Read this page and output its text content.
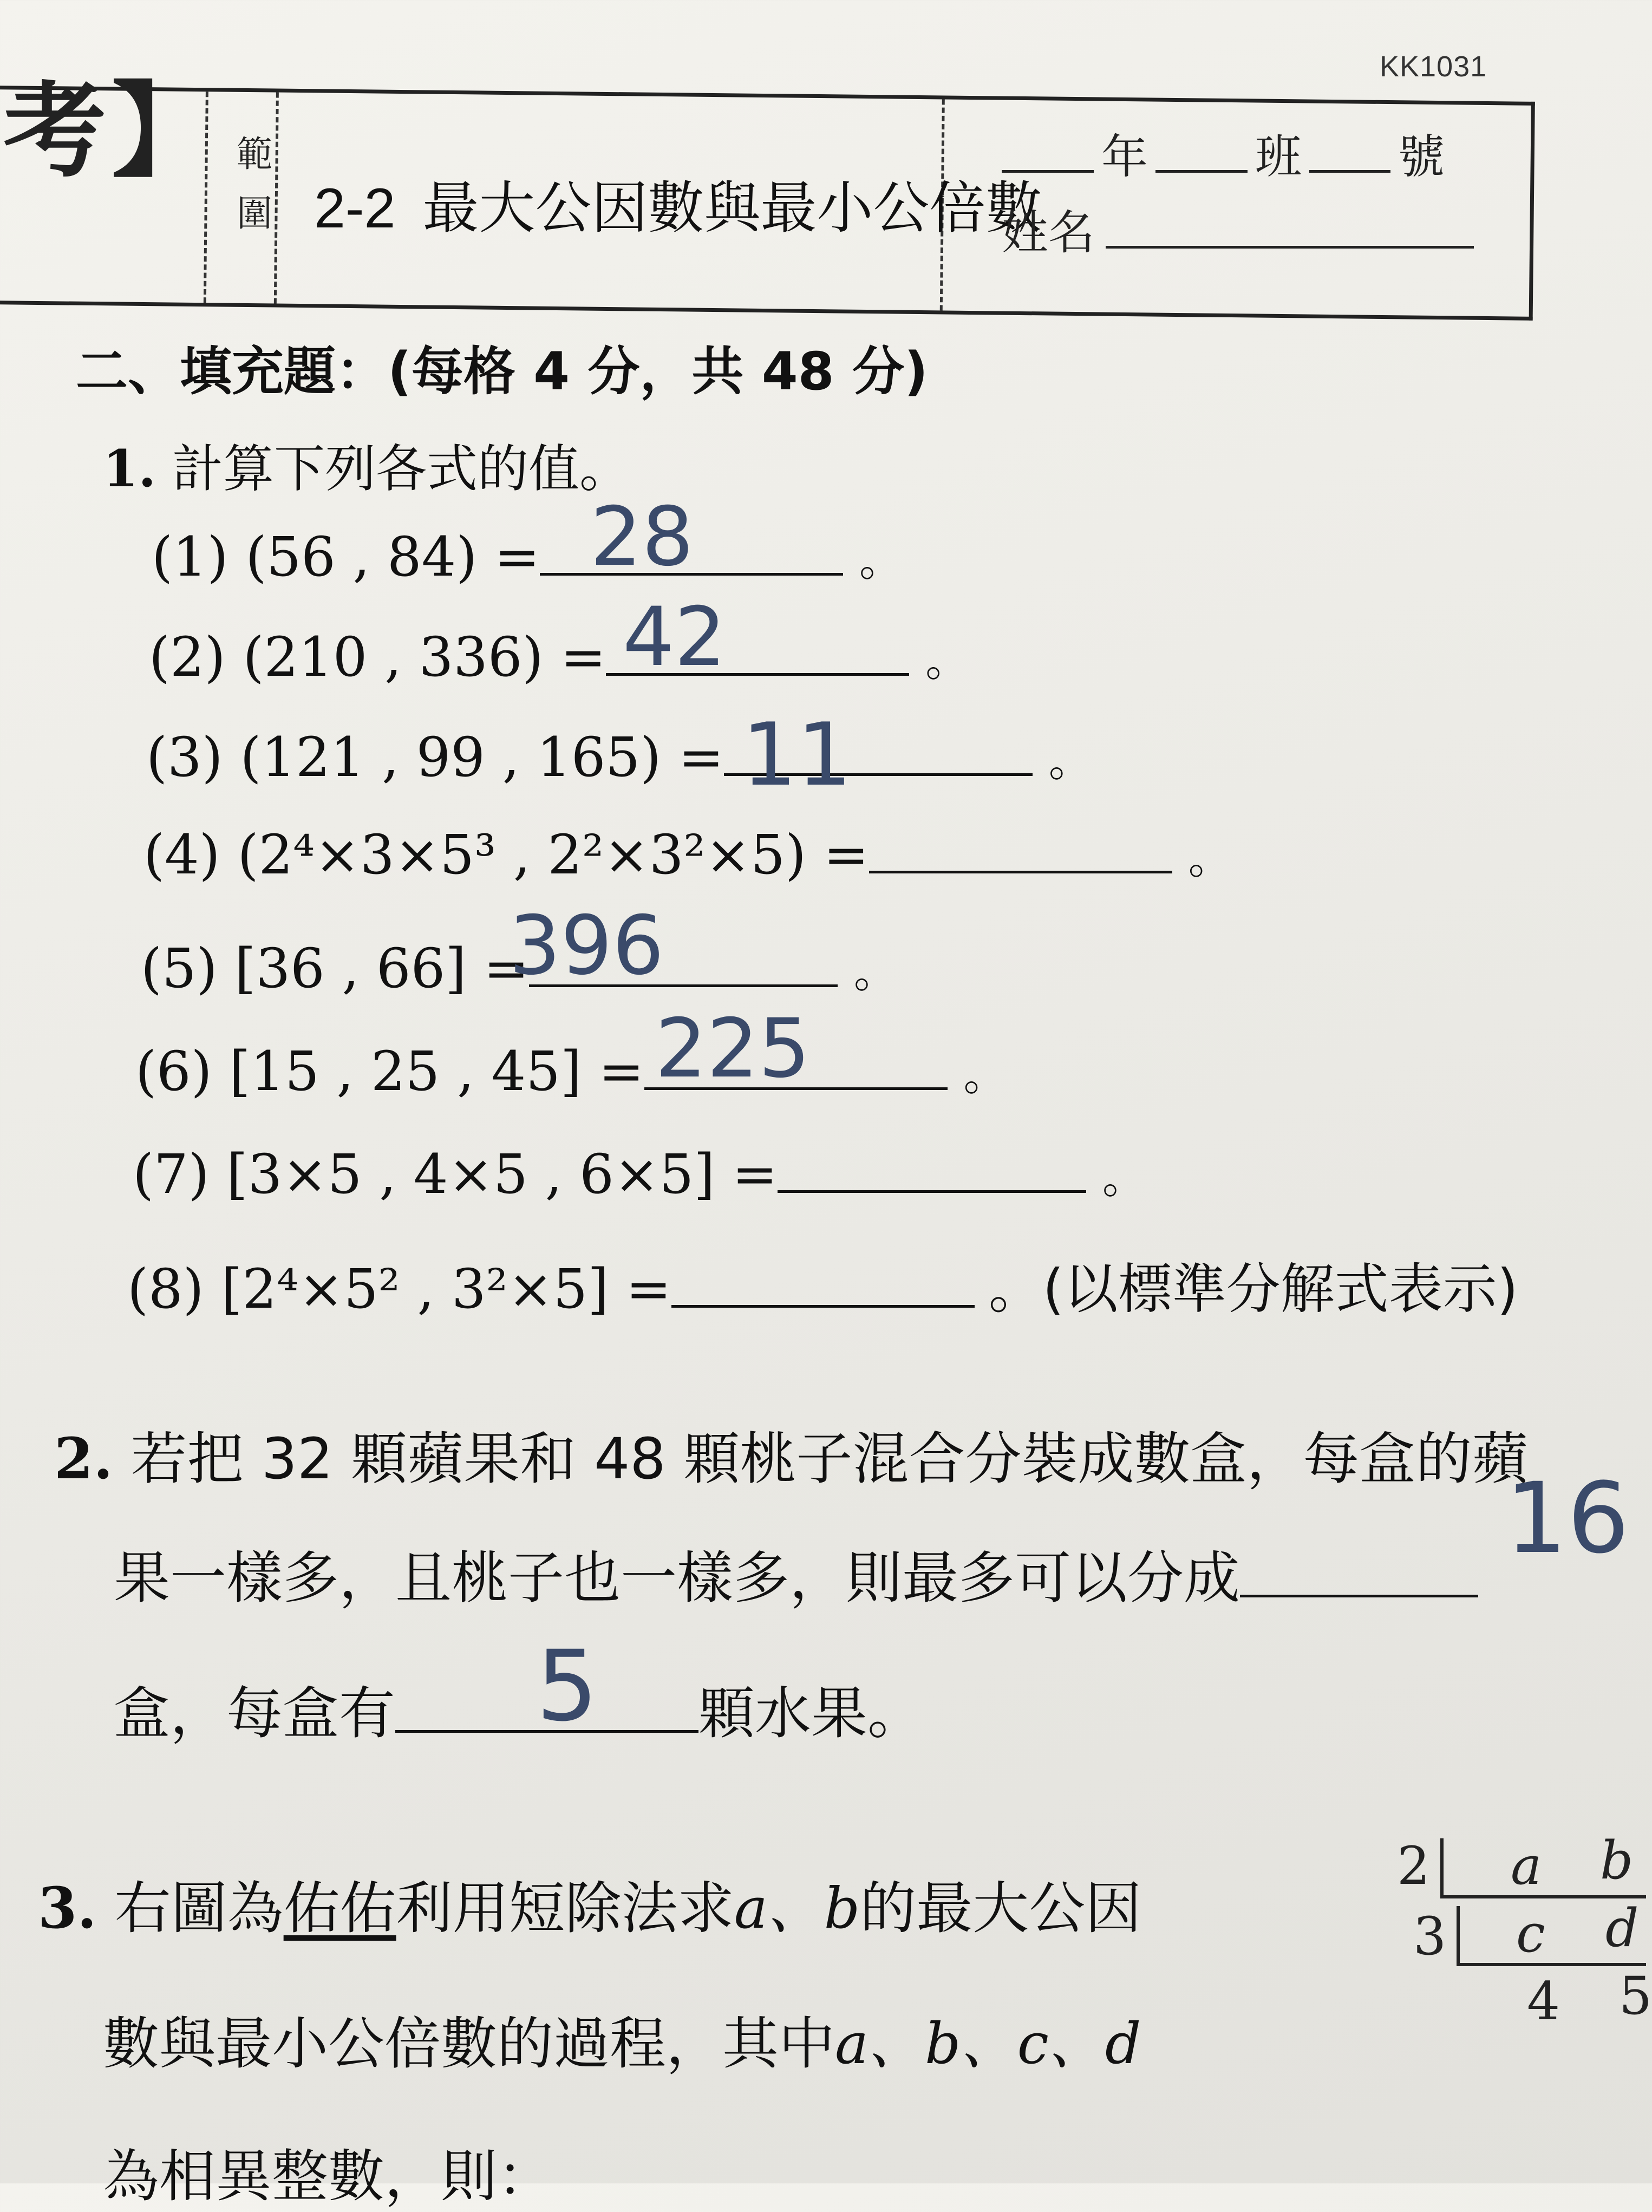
KK1031
考】 範
圍 2-2 最大公因數與最小公倍數
年 班 號
姓名
二、填充題：(每格 4 分，共 48 分)
1. 計算下列各式的值。
(1) (56 , 84) =	。
28
(2) (210 , 336) =	。
42
(3) (121 , 99 , 165) =	。
11
(4) (2⁴×3×5³ , 2²×3²×5) =	。
(5) [36 , 66] =	。
396
(6) [15 , 25 , 45] =	。
225
(7) [3×5 , 4×5 , 6×5] =	。
(8) [2⁴×5² , 3²×5] =	。(以標準分解式表示)
2. 若把 32 顆蘋果和 48 顆桃子混合分裝成數盒，每盒的蘋
果一樣多，且桃子也一樣多，則最多可以分成
16
盒，每盒有	顆水果。
5
3. 右圖為佑佑利用短除法求a、b的最大公因
數與最小公倍數的過程，其中a、b、c、d
為相異整數，則：
2
3
a b
c d
4 5
